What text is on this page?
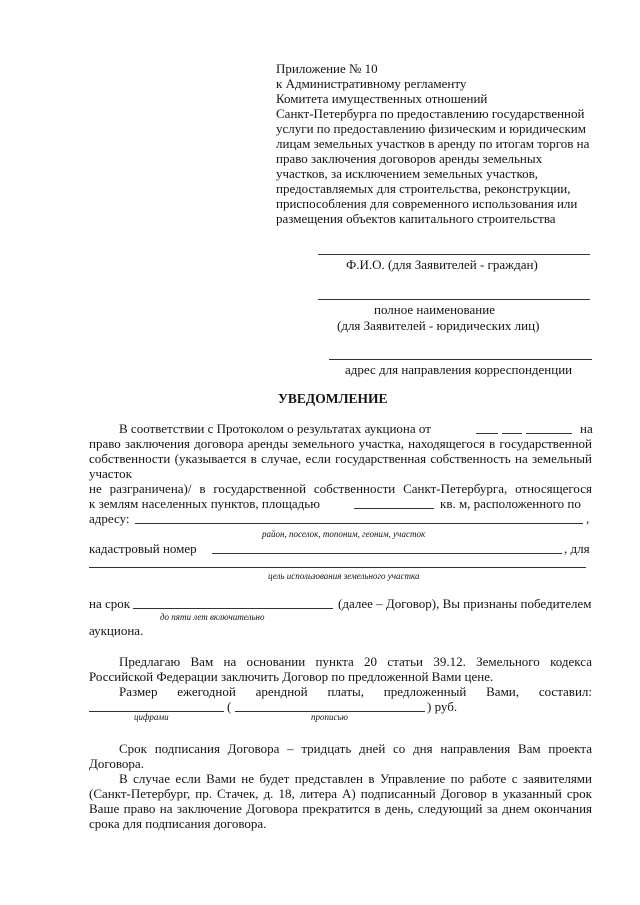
Приложение № 10
к Административному регламенту
Комитета имущественных отношений
Санкт-Петербурга по предоставлению государственной
услуги по предоставлению физическим и юридическим
лицам земельных участков в аренду по итогам торгов на
право заключения договоров аренды земельных
участков, за исключением земельных участков,
предоставляемых для строительства, реконструкции,
приспособления для современного использования или
размещения объектов капитального строительства
Ф.И.О. (для Заявителей - граждан)
полное наименование
(для Заявителей - юридических лиц)
адрес для направления корреспонденции
УВЕДОМЛЕНИЕ
В соответствии с Протоколом о результатах аукциона от	на
право заключения договора аренды земельного участка, находящегося в государственной
собственности (указывается в случае, если государственная собственность на земельный
участок
не разграничена)/ в государственной собственности Санкт-Петербурга, относящегося
к землям населенных пунктов, площадью	кв. м, расположенного по
адресу:	,
район, поселок, топоним, геоним, участок
кадастровый номер	, для
цель использования земельного участка
на срок	(далее – Договор), Вы признаны победителем
до пяти лет включительно
аукциона.
Предлагаю Вам на основании пункта 20 статьи 39.12. Земельного кодекса
Российской Федерации заключить Договор по предложенной Вами цене.
Размер ежегодной арендной платы, предложенный Вами, составил:
(	) руб.
цифрами	прописью
Срок подписания Договора – тридцать дней со дня направления Вам проекта
Договора.
В случае если Вами не будет представлен в Управление по работе с заявителями
(Санкт-Петербург, пр. Стачек, д. 18, литера А) подписанный Договор в указанный срок
Ваше право на заключение Договора прекратится в день, следующий за днем окончания
срока для подписания договора.
